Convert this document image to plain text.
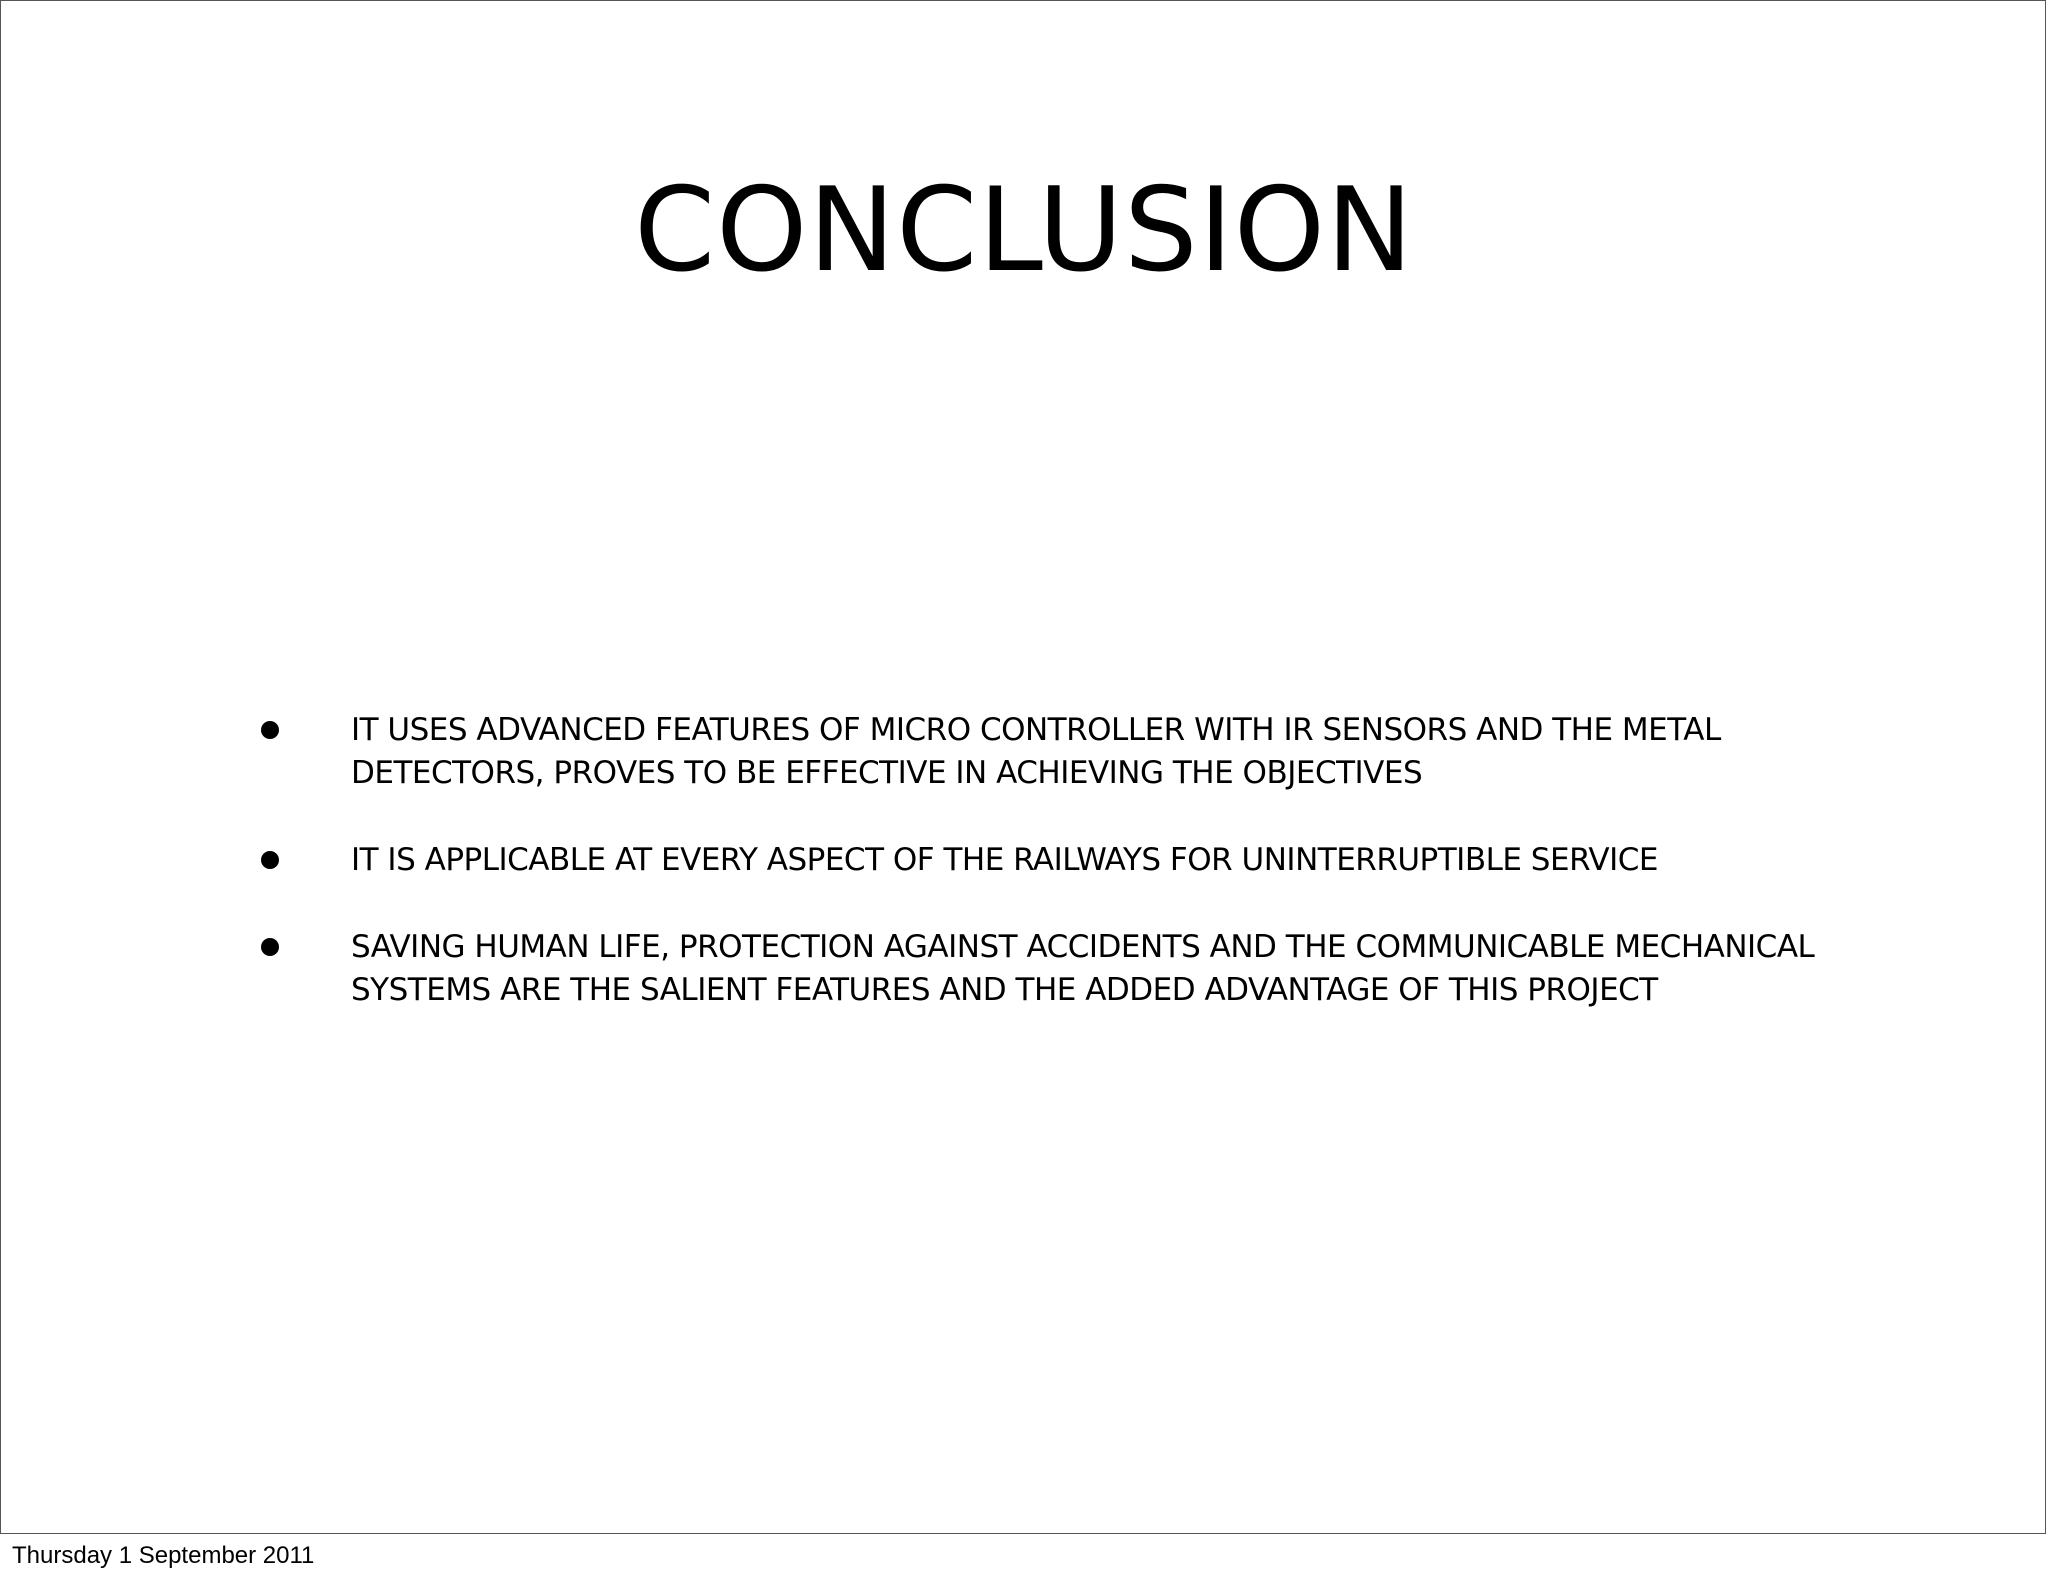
CONCLUSION
IT USES ADVANCED FEATURES OF MICRO CONTROLLER WITH IR SENSORS AND THE METAL DETECTORS, PROVES TO BE EFFECTIVE IN ACHIEVING THE OBJECTIVES
IT IS APPLICABLE AT EVERY ASPECT OF THE RAILWAYS FOR UNINTERRUPTIBLE SERVICE
SAVING HUMAN LIFE, PROTECTION AGAINST ACCIDENTS AND THE COMMUNICABLE MECHANICAL SYSTEMS ARE THE SALIENT FEATURES AND THE ADDED ADVANTAGE OF THIS PROJECT
Thursday 1 September 2011
